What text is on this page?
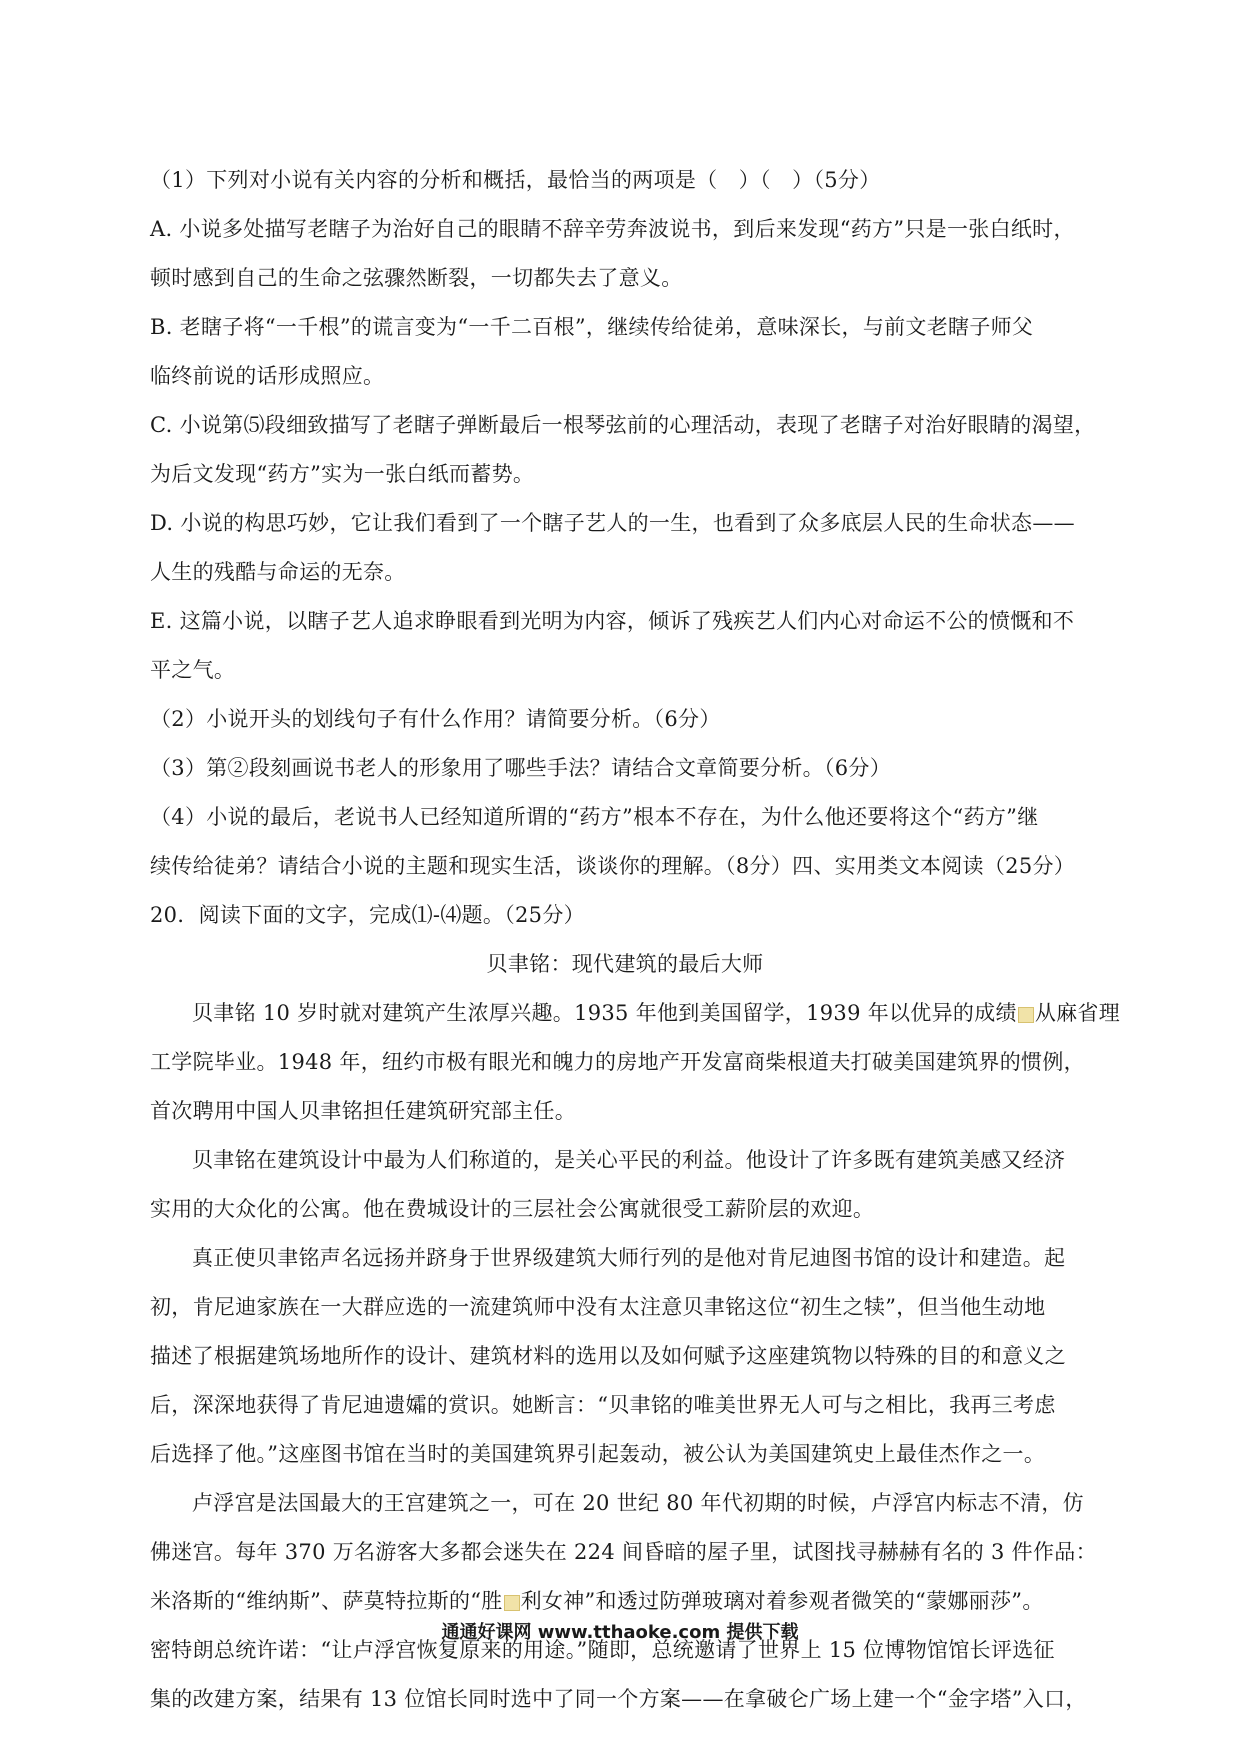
（1）下列对小说有关内容的分析和概括，最恰当的两项是（　）（　）（5分）
A. 小说多处描写老瞎子为治好自己的眼睛不辞辛劳奔波说书，到后来发现“药方”只是一张白纸时，
顿时感到自己的生命之弦骤然断裂，一切都失去了意义。
B. 老瞎子将“一千根”的谎言变为“一千二百根”，继续传给徒弟，意味深长，与前文老瞎子师父
临终前说的话形成照应。
C. 小说第⑸段细致描写了老瞎子弹断最后一根琴弦前的心理活动，表现了老瞎子对治好眼睛的渴望，
为后文发现“药方”实为一张白纸而蓄势。
D. 小说的构思巧妙，它让我们看到了一个瞎子艺人的一生，也看到了众多底层人民的生命状态——
人生的残酷与命运的无奈。
E. 这篇小说，以瞎子艺人追求睁眼看到光明为内容，倾诉了残疾艺人们内心对命运不公的愤慨和不
平之气。
（2）小说开头的划线句子有什么作用？请简要分析。（6分）
（3）第②段刻画说书老人的形象用了哪些手法？请结合文章简要分析。（6分）
（4）小说的最后，老说书人已经知道所谓的“药方”根本不存在，为什么他还要将这个“药方”继
续传给徒弟？请结合小说的主题和现实生活，谈谈你的理解。（8分）四、实用类文本阅读（25分）
20．阅读下面的文字，完成⑴-⑷题。（25分）
贝聿铭：现代建筑的最后大师
贝聿铭 10 岁时就对建筑产生浓厚兴趣。1935 年他到美国留学，1939 年以优异的成绩 从麻省理
工学院毕业。1948 年，纽约市极有眼光和魄力的房地产开发富商柴根道夫打破美国建筑界的惯例，
首次聘用中国人贝聿铭担任建筑研究部主任。
贝聿铭在建筑设计中最为人们称道的，是关心平民的利益。他设计了许多既有建筑美感又经济
实用的大众化的公寓。他在费城设计的三层社会公寓就很受工薪阶层的欢迎。
真正使贝聿铭声名远扬并跻身于世界级建筑大师行列的是他对肯尼迪图书馆的设计和建造。起
初，肯尼迪家族在一大群应选的一流建筑师中没有太注意贝聿铭这位“初生之犊”，但当他生动地
描述了根据建筑场地所作的设计、建筑材料的选用以及如何赋予这座建筑物以特殊的目的和意义之
后，深深地获得了肯尼迪遗孀的赏识。她断言：“贝聿铭的唯美世界无人可与之相比，我再三考虑
后选择了他。”这座图书馆在当时的美国建筑界引起轰动，被公认为美国建筑史上最佳杰作之一。
卢浮宫是法国最大的王宫建筑之一，可在 20 世纪 80 年代初期的时候，卢浮宫内标志不清，仿
佛迷宫。每年 370 万名游客大多都会迷失在 224 间昏暗的屋子里，试图找寻赫赫有名的 3 件作品：
米洛斯的“维纳斯”、萨莫特拉斯的“胜 利女神”和透过防弹玻璃对着参观者微笑的“蒙娜丽莎”。
密特朗总统许诺：“让卢浮宫恢复原来的用途。”随即，总统邀请了世界上 15 位博物馆馆长评选征
集的改建方案，结果有 13 位馆长同时选中了同一个方案——在拿破仑广场上建一个“金字塔”入口，
通通好课网 www.tthaoke.com 提供下载
